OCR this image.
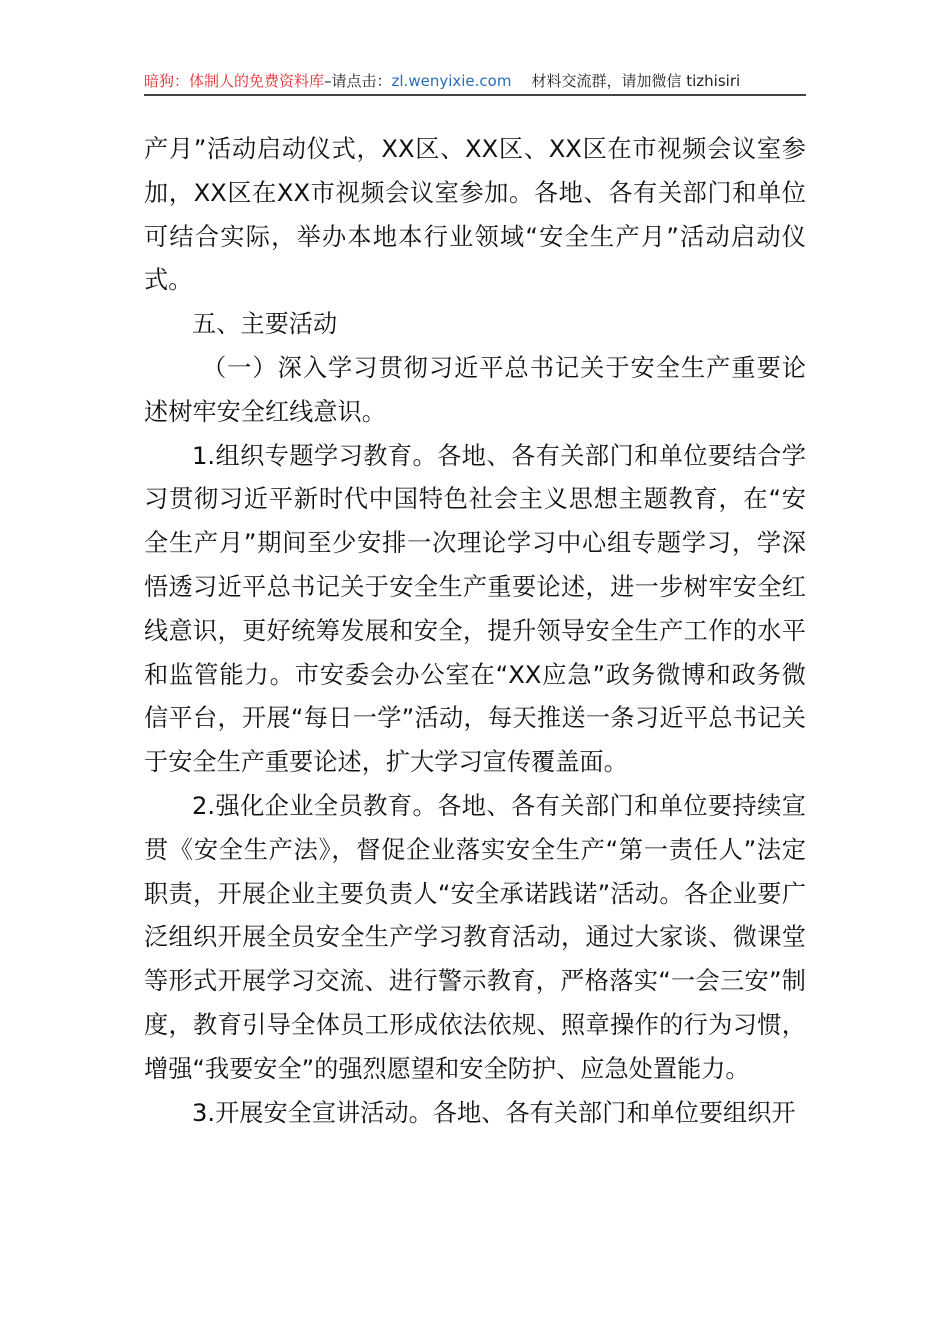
暗狗：体制人的免费资料库–请点击：zl.wenyixie.com 材料交流群，请加微信 tizhisiri

产月”活动启动仪式，XX区、XX区、XX区在市视频会议室参加，XX区在XX市视频会议室参加。各地、各有关部门和单位可结合实际，举办本地本行业领域“安全生产月”活动启动仪式。

五、主要活动

（一）深入学习贯彻习近平总书记关于安全生产重要论述树牢安全红线意识。

1.组织专题学习教育。各地、各有关部门和单位要结合学习贯彻习近平新时代中国特色社会主义思想主题教育，在“安全生产月”期间至少安排一次理论学习中心组专题学习，学深悟透习近平总书记关于安全生产重要论述，进一步树牢安全红线意识，更好统筹发展和安全，提升领导安全生产工作的水平和监管能力。市安委会办公室在“XX应急”政务微博和政务微信平台，开展“每日一学”活动，每天推送一条习近平总书记关于安全生产重要论述，扩大学习宣传覆盖面。

2.强化企业全员教育。各地、各有关部门和单位要持续宣贯《安全生产法》，督促企业落实安全生产“第一责任人”法定职责，开展企业主要负责人“安全承诺践诺”活动。各企业要广泛组织开展全员安全生产学习教育活动，通过大家谈、微课堂等形式开展学习交流、进行警示教育，严格落实“一会三安”制度，教育引导全体员工形成依法依规、照章操作的行为习惯，增强“我要安全”的强烈愿望和安全防护、应急处置能力。

3.开展安全宣讲活动。各地、各有关部门和单位要组织开
